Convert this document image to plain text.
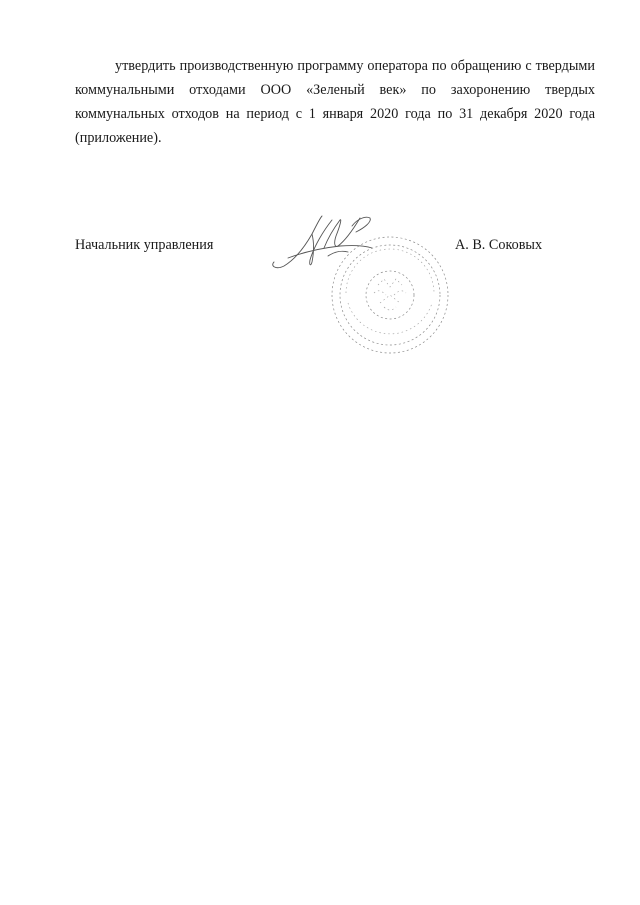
утвердить производственную программу оператора по обращению с твердыми коммунальными отходами ООО «Зеленый век» по захоронению твердых коммунальных отходов на период с 1 января 2020 года по 31 декабря 2020 года (приложение).

Начальник управления	А. В. Соковых
